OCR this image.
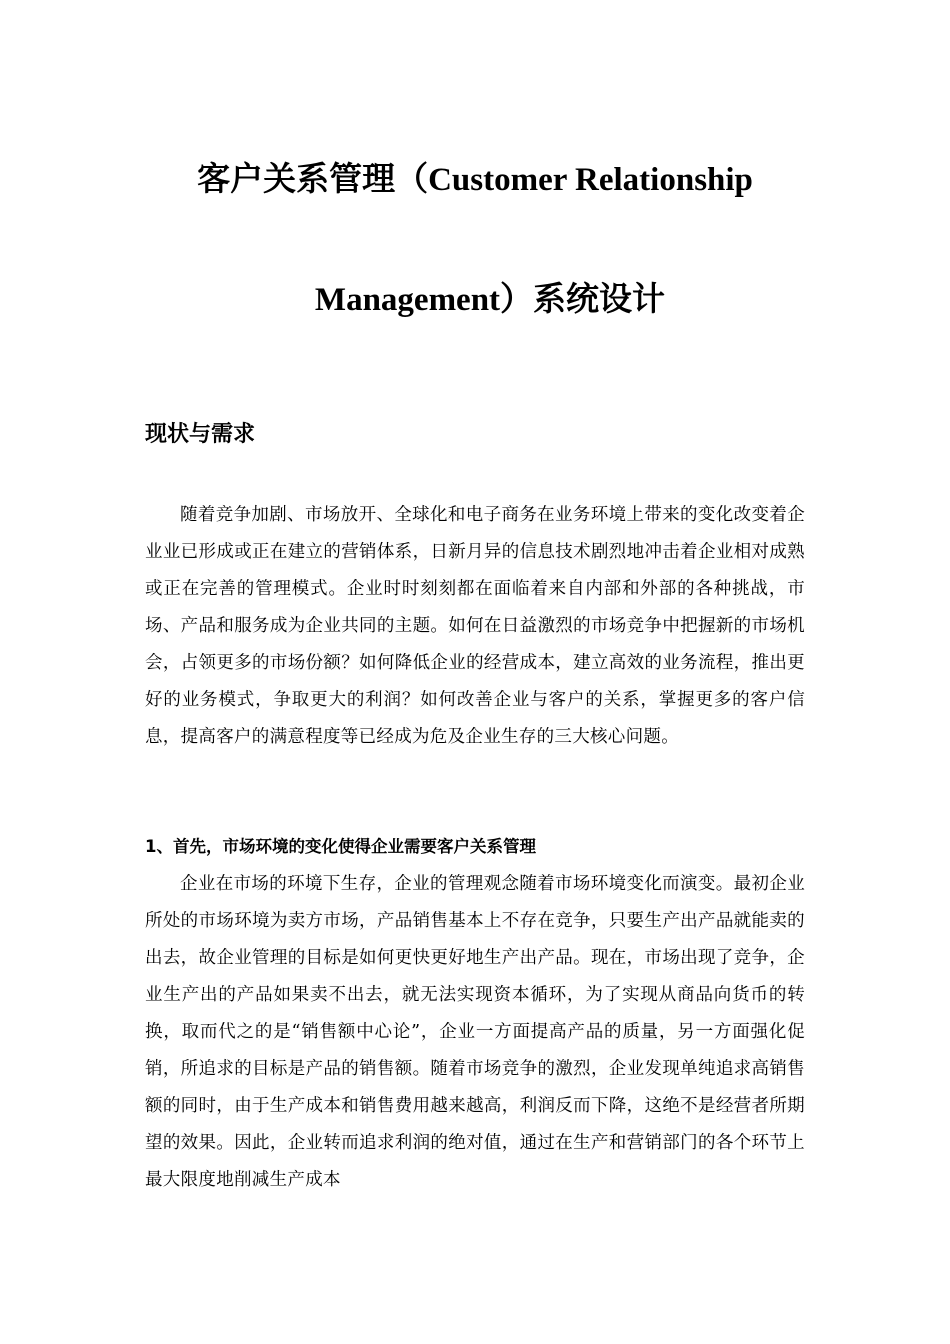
客户关系管理（Customer Relationship
Management）系统设计
现状与需求

随着竞争加剧、市场放开、全球化和电子商务在业务环境上带来的变化改变着企业业已形成或正在建立的营销体系，日新月异的信息技术剧烈地冲击着企业相对成熟或正在完善的管理模式。企业时时刻刻都在面临着来自内部和外部的各种挑战，市场、产品和服务成为企业共同的主题。如何在日益激烈的市场竞争中把握新的市场机会，占领更多的市场份额？如何降低企业的经营成本，建立高效的业务流程，推出更好的业务模式，争取更大的利润？如何改善企业与客户的关系，掌握更多的客户信息，提高客户的满意程度等已经成为危及企业生存的三大核心问题。

1、首先，市场环境的变化使得企业需要客户关系管理

企业在市场的环境下生存，企业的管理观念随着市场环境变化而演变。最初企业所处的市场环境为卖方市场，产品销售基本上不存在竞争，只要生产出产品就能卖的出去，故企业管理的目标是如何更快更好地生产出产品。现在，市场出现了竞争，企业生产出的产品如果卖不出去，就无法实现资本循环，为了实现从商品向货币的转换，取而代之的是“销售额中心论”，企业一方面提高产品的质量，另一方面强化促销，所追求的目标是产品的销售额。随着市场竞争的激烈，企业发现单纯追求高销售额的同时，由于生产成本和销售费用越来越高，利润反而下降，这绝不是经营者所期望的效果。因此，企业转而追求利润的绝对值，通过在生产和营销部门的各个环节上最大限度地削减生产成本
